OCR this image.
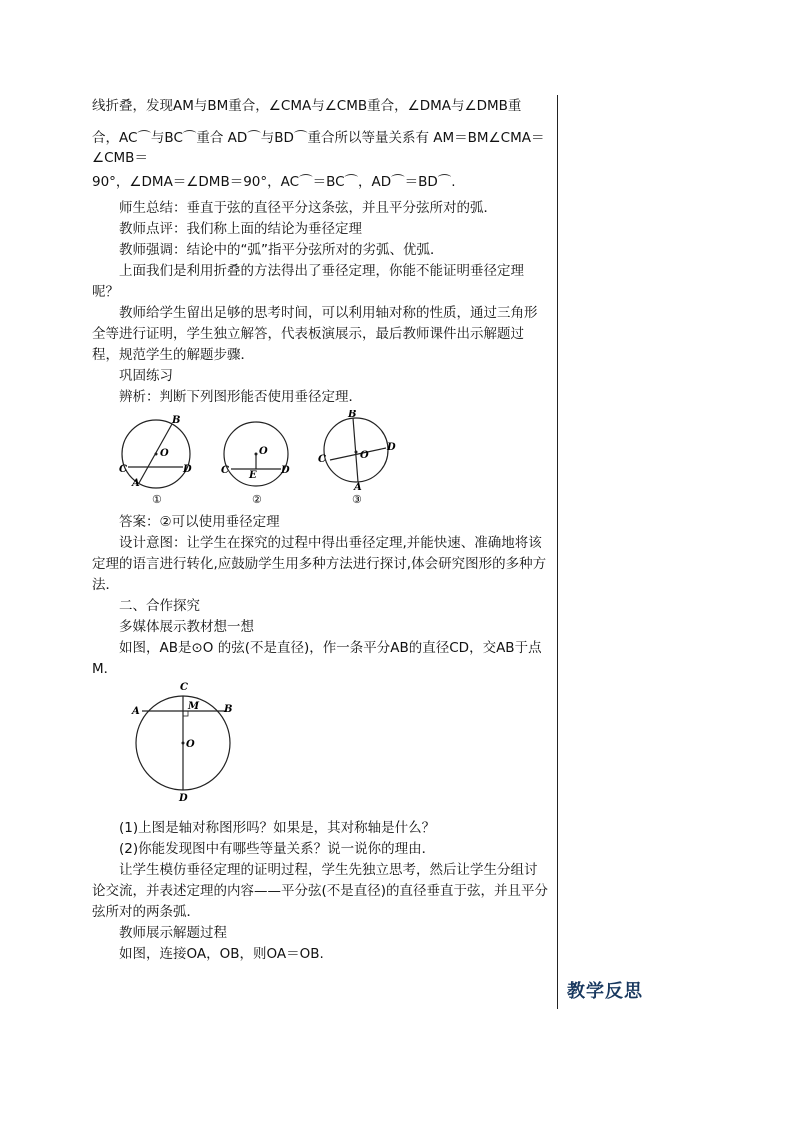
线折叠，发现AM与BM重合，∠CMA与∠CMB重合，∠DMA与∠DMB重
合，AC⌒与BC⌒重合 AD⌒与BD⌒重合所以等量关系有 AM＝BM∠CMA＝∠CMB＝
90°，∠DMA＝∠DMB＝90°，AC⌒＝BC⌒，AD⌒＝BD⌒.

师生总结：垂直于弦的直径平分这条弦，并且平分弦所对的弧．

教师点评：我们称上面的结论为垂径定理

教师强调：结论中的“弧”指平分弦所对的劣弧、优弧．

上面我们是利用折叠的方法得出了垂径定理，你能不能证明垂径定理呢？

教师给学生留出足够的思考时间，可以利用轴对称的性质，通过三角形全等进行证明，学生独立解答，代表板演展示，最后教师课件出示解题过程，规范学生的解题步骤．

巩固练习

辨析：判断下列图形能否使用垂径定理．

B
O
C	D
A
①
O
C E D
②
B
D
C	O
A
③

答案：②可以使用垂径定理

设计意图：让学生在探究的过程中得出垂径定理,并能快速、准确地将该定理的语言进行转化,应鼓励学生用多种方法进行探讨,体会研究图形的多种方法．

二、合作探究

多媒体展示教材想一想

如图，AB是⊙O 的弦(不是直径)，作一条平分AB的直径CD，交AB于点M．

C
A	M B
O
D

(1)上图是轴对称图形吗？如果是，其对称轴是什么？

(2)你能发现图中有哪些等量关系？说一说你的理由．

让学生模仿垂径定理的证明过程，学生先独立思考，然后让学生分组讨论交流，并表述定理的内容——平分弦(不是直径)的直径垂直于弦，并且平分弦所对的两条弧．

教师展示解题过程

如图，连接OA，OB，则OA＝OB.

教学反思
